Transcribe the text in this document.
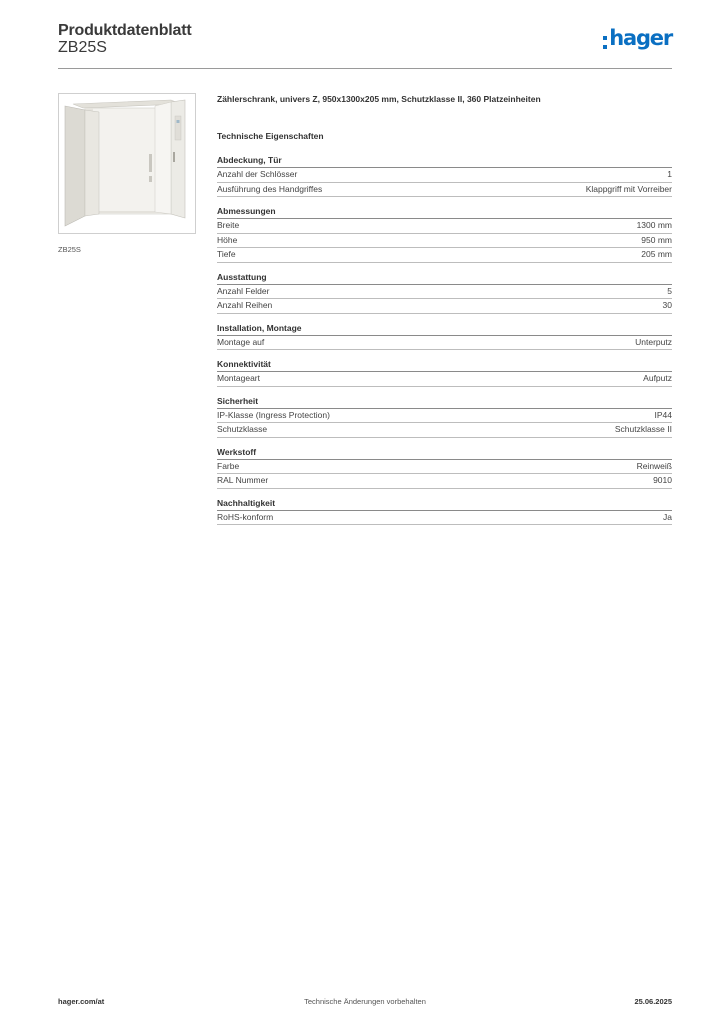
Produktdatenblatt
ZB25S	hager
ZB25S
Zählerschrank, univers Z, 950x1300x205 mm, Schutzklasse II, 360 Platzeinheiten
Technische Eigenschaften
Abdeckung, Tür
Anzahl der Schlösser	1
Ausführung des Handgriffes	Klappgriff mit Vorreiber
Abmessungen
Breite	1300 mm
Höhe	950 mm
Tiefe	205 mm
Ausstattung
Anzahl Felder	5
Anzahl Reihen	30
Installation, Montage
Montage auf	Unterputz
Konnektivität
Montageart	Aufputz
Sicherheit
IP-Klasse (Ingress Protection)	IP44
Schutzklasse	Schutzklasse II
Werkstoff
Farbe	Reinweiß
RAL Nummer	9010
Nachhaltigkeit
RoHS-konform	Ja
hager.com/at	Technische Änderungen vorbehalten	25.06.2025
